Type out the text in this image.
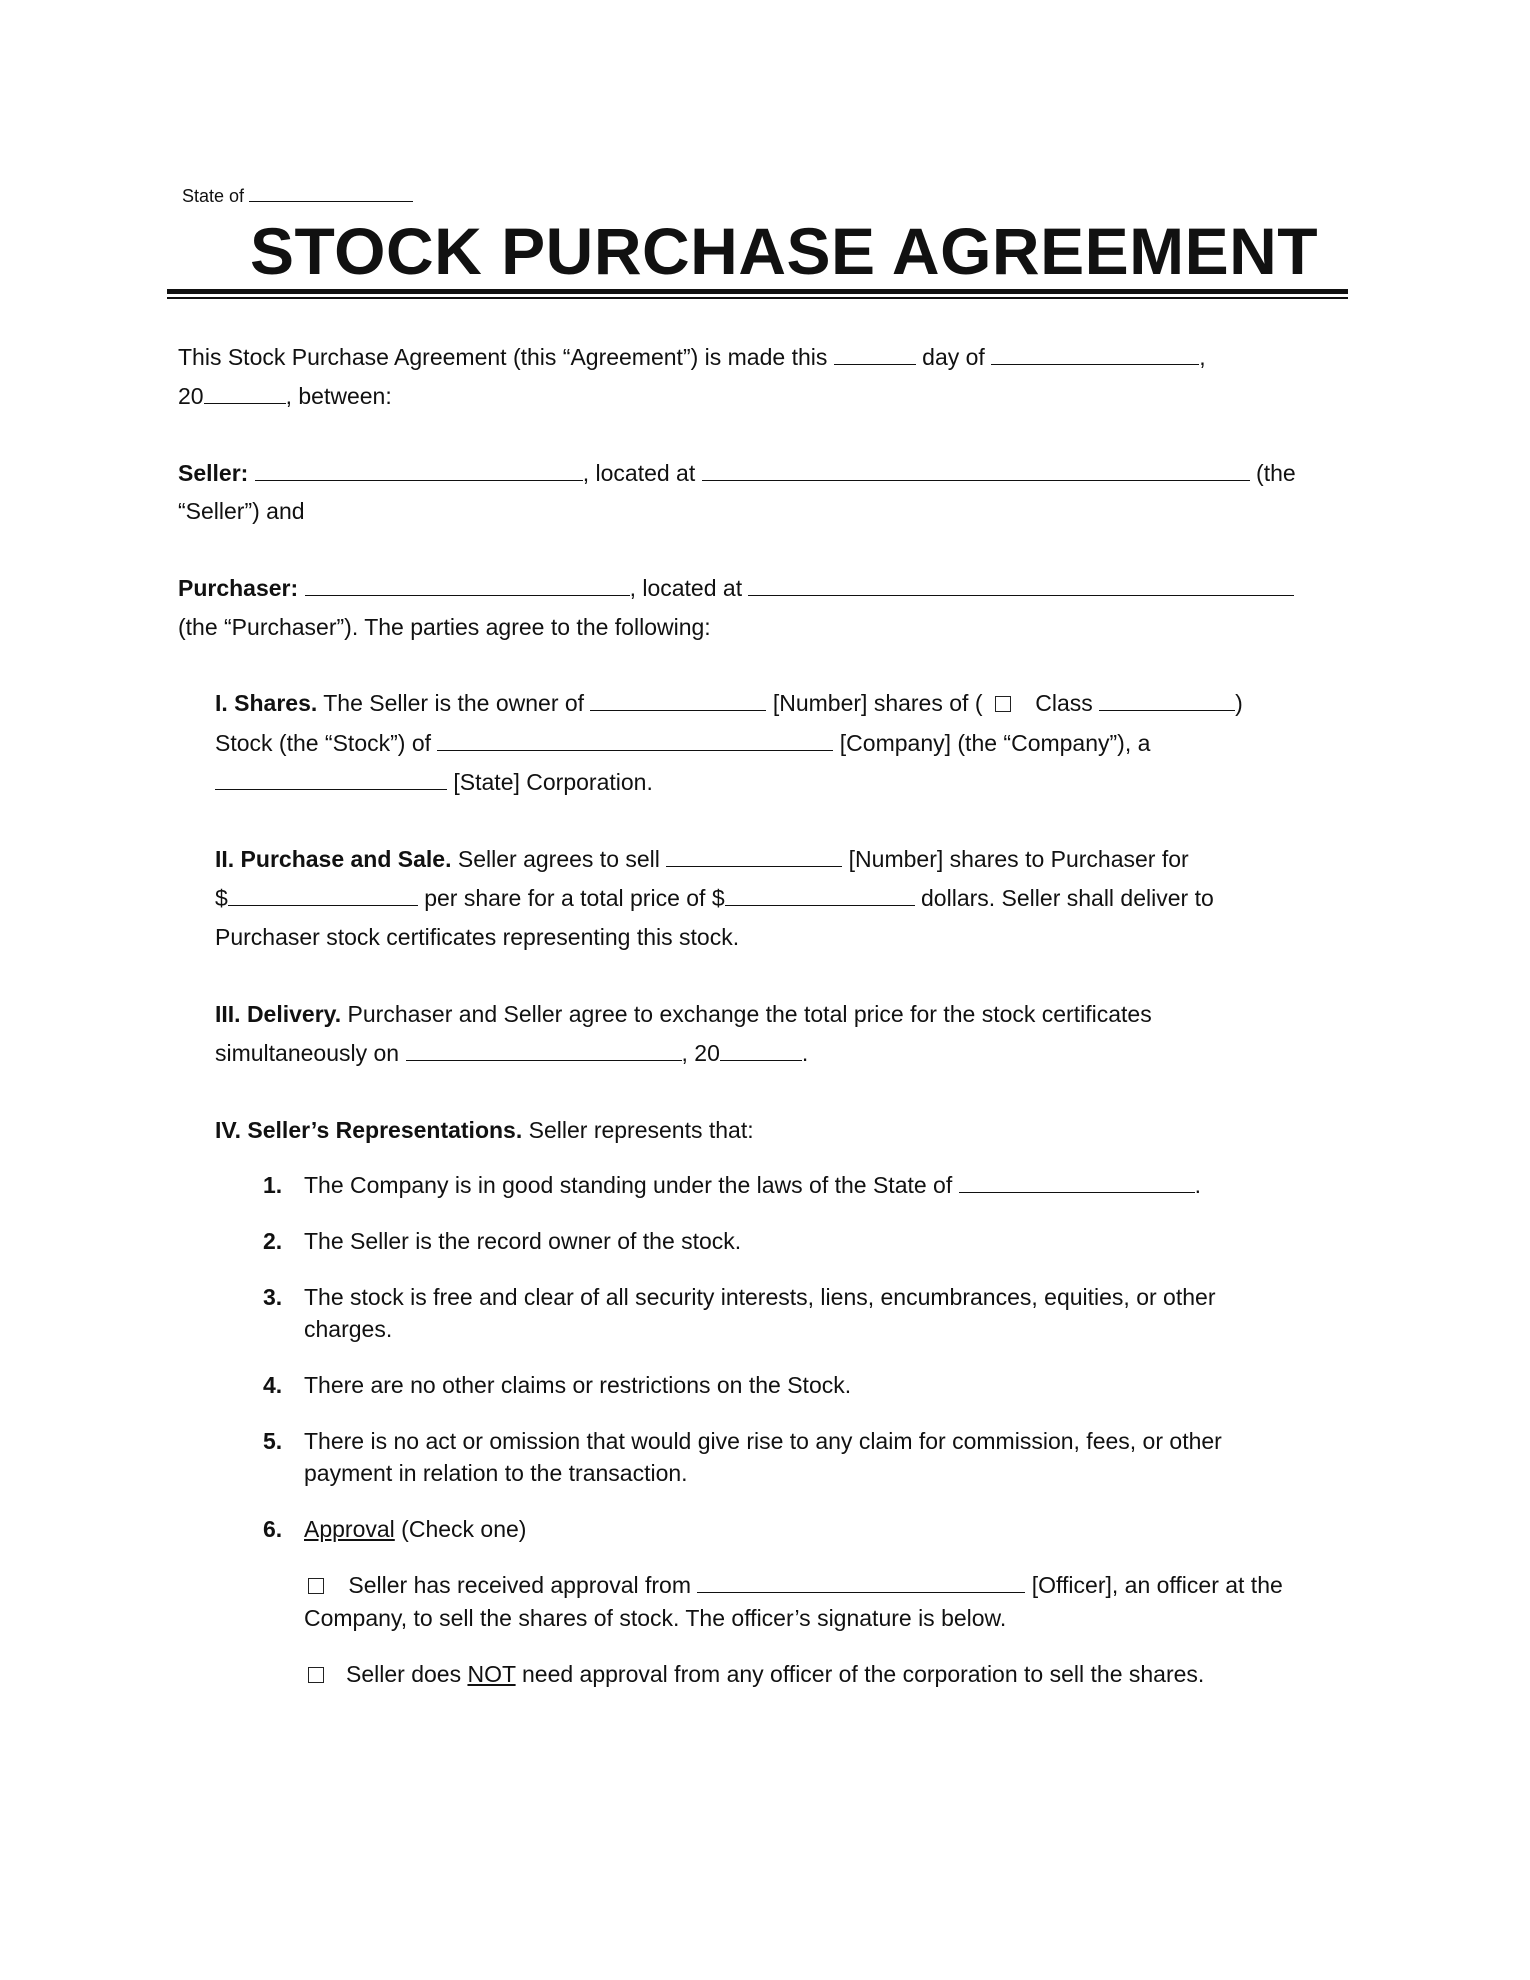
State of
STOCK PURCHASE AGREEMENT
This Stock Purchase Agreement (this “Agreement”) is made this	day of	,
20	, between:
Seller:	, located at	(the
“Seller”) and
Purchaser:	, located at
(the “Purchaser”). The parties agree to the following:
I. Shares. The Seller is the owner of	[Number] shares of ( Class	)
Stock (the “Stock”) of	[Company] (the “Company”), a
[State] Corporation.
II. Purchase and Sale. Seller agrees to sell	[Number] shares to Purchaser for
$	per share for a total price of $	dollars. Seller shall deliver to
Purchaser stock certificates representing this stock.
III. Delivery. Purchaser and Seller agree to exchange the total price for the stock certificates
simultaneously on	, 20	.
IV. Seller’s Representations. Seller represents that:
1. The Company is in good standing under the laws of the State of	.
2. The Seller is the record owner of the stock.
3. The stock is free and clear of all security interests, liens, encumbrances, equities, or other
charges.
4. There are no other claims or restrictions on the Stock.
5. There is no act or omission that would give rise to any claim for commission, fees, or other
payment in relation to the transaction.
6. Approval (Check one)
Seller has received approval from	[Officer], an officer at the
Company, to sell the shares of stock. The officer’s signature is below.
Seller does NOT need approval from any officer of the corporation to sell the shares.
